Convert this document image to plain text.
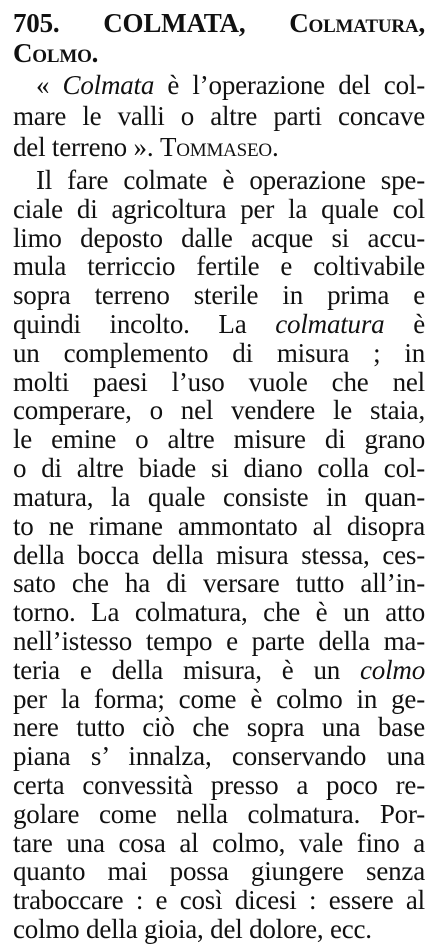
705. COLMATA, Colmatura,
Colmo.
« Colmata è l’operazione del col-
mare le valli o altre parti concave
del terreno ». Tommaseo.
Il fare colmate è operazione spe-
ciale di agricoltura per la quale col
limo deposto dalle acque si accu-
mula terriccio fertile e coltivabile
sopra terreno sterile in prima e
quindi incolto. La colmatura è
un complemento di misura ; in
molti paesi l’uso vuole che nel
comperare, o nel vendere le staia,
le emine o altre misure di grano
o di altre biade si diano colla col-
matura, la quale consiste in quan-
to ne rimane ammontato al disopra
della bocca della misura stessa, ces-
sato che ha di versare tutto all’in-
torno. La colmatura, che è un atto
nell’istesso tempo e parte della ma-
teria e della misura, è un colmo
per la forma; come è colmo in ge-
nere tutto ciò che sopra una base
piana s’ innalza, conservando una
certa convessità presso a poco re-
golare come nella colmatura. Por-
tare una cosa al colmo, vale fino a
quanto mai possa giungere senza
traboccare : e così dicesi : essere al
colmo della gioia, del dolore, ecc.
